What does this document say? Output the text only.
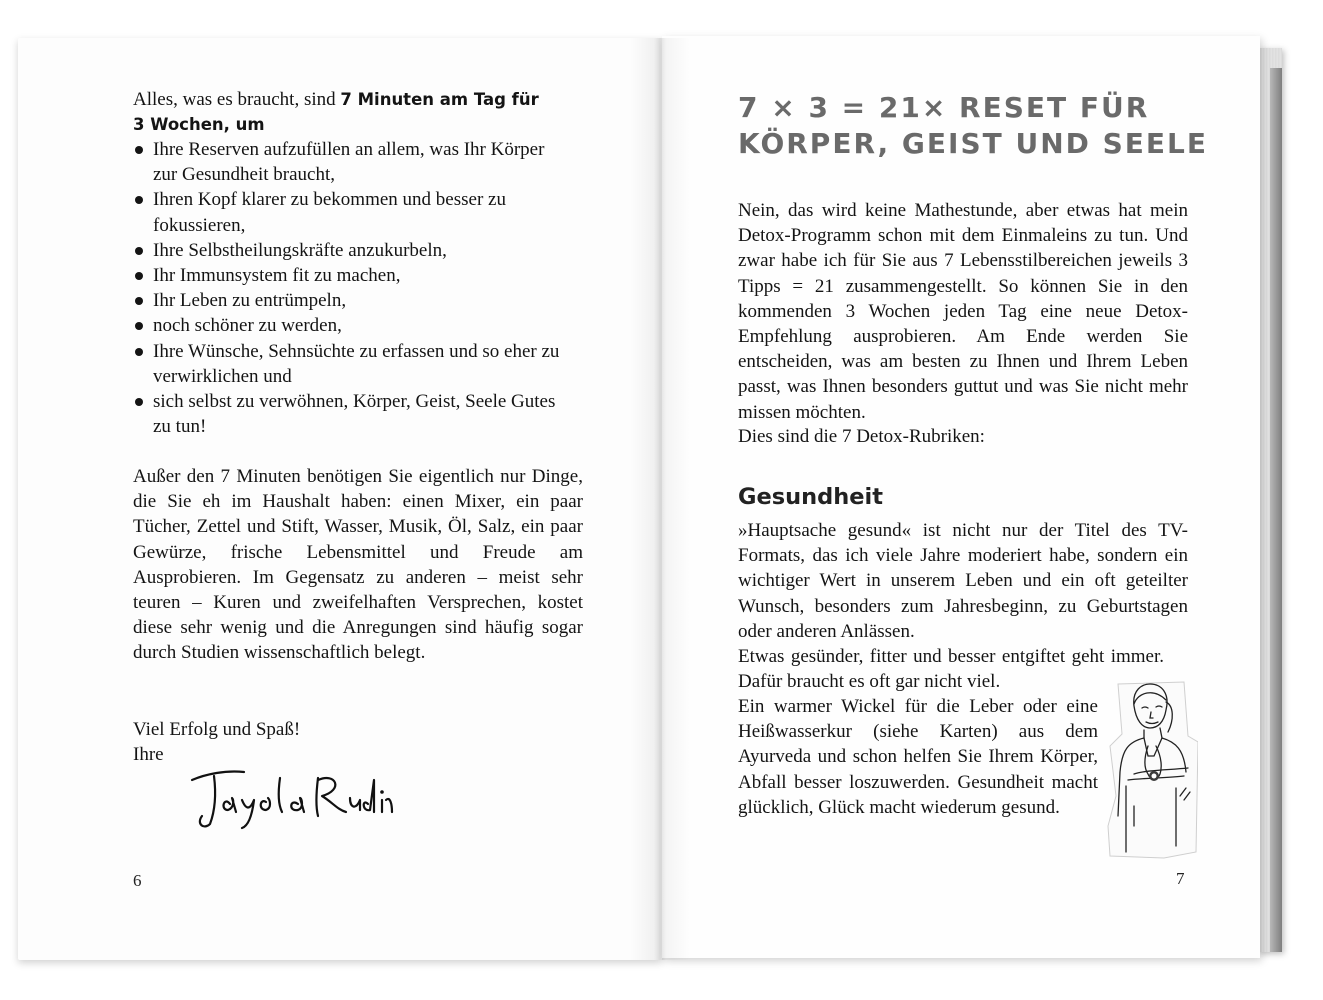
Alles, was es braucht, sind 7 Minuten am Tag für
3 Wochen, um
Ihre Reserven aufzufüllen an allem, was Ihr Körper zur Gesundheit braucht,
Ihren Kopf klarer zu bekommen und besser zu fokussieren,
Ihre Selbstheilungskräfte anzukurbeln,
Ihr Immunsystem fit zu machen,
Ihr Leben zu entrümpeln,
noch schöner zu werden,
Ihre Wünsche, Sehnsüchte zu erfassen und so eher zu verwirklichen und
sich selbst zu verwöhnen, Körper, Geist, Seele Gutes zu tun!
Außer den 7 Minuten benötigen Sie eigentlich nur Dinge, die Sie eh im Haushalt haben: einen Mixer, ein paar Tücher, Zettel und Stift, Wasser, Musik, Öl, Salz, ein paar Gewürze, frische Lebensmittel und Freude am Ausprobieren. Im Gegensatz zu anderen – meist sehr teuren – Kuren und zweifelhaften Versprechen, kostet diese sehr wenig und die Anregungen sind häufig sogar durch Studien wissenschaftlich belegt.
Viel Erfolg und Spaß!
Ihre
6
7 × 3 = 21× RESET FÜR
KÖRPER, GEIST UND SEELE
Nein, das wird keine Mathestunde, aber etwas hat mein Detox-Programm schon mit dem Einmaleins zu tun. Und zwar habe ich für Sie aus 7 Lebensstilbereichen jeweils 3 Tipps = 21 zusammengestellt. So können Sie in den kommenden 3 Wochen jeden Tag eine neue Detox-Empfehlung ausprobieren. Am Ende werden Sie entscheiden, was am besten zu Ihnen und Ihrem Leben passt, was Ihnen besonders guttut und was Sie nicht mehr missen möchten.
Dies sind die 7 Detox-Rubriken:
Gesundheit
»Hauptsache gesund« ist nicht nur der Titel des TV-Formats, das ich viele Jahre moderiert habe, sondern ein wichtiger Wert in unserem Leben und ein oft geteilter Wunsch, besonders zum Jahresbeginn, zu Geburtstagen oder anderen Anlässen.
Etwas gesünder, fitter und besser entgiftet geht immer. Dafür braucht es oft gar nicht viel.
Ein warmer Wickel für die Leber oder eine Heißwasserkur (siehe Karten) aus dem Ayurveda und schon helfen Sie Ihrem Körper, Abfall besser loszuwerden. Gesundheit macht glücklich, Glück macht wiederum gesund.
7
